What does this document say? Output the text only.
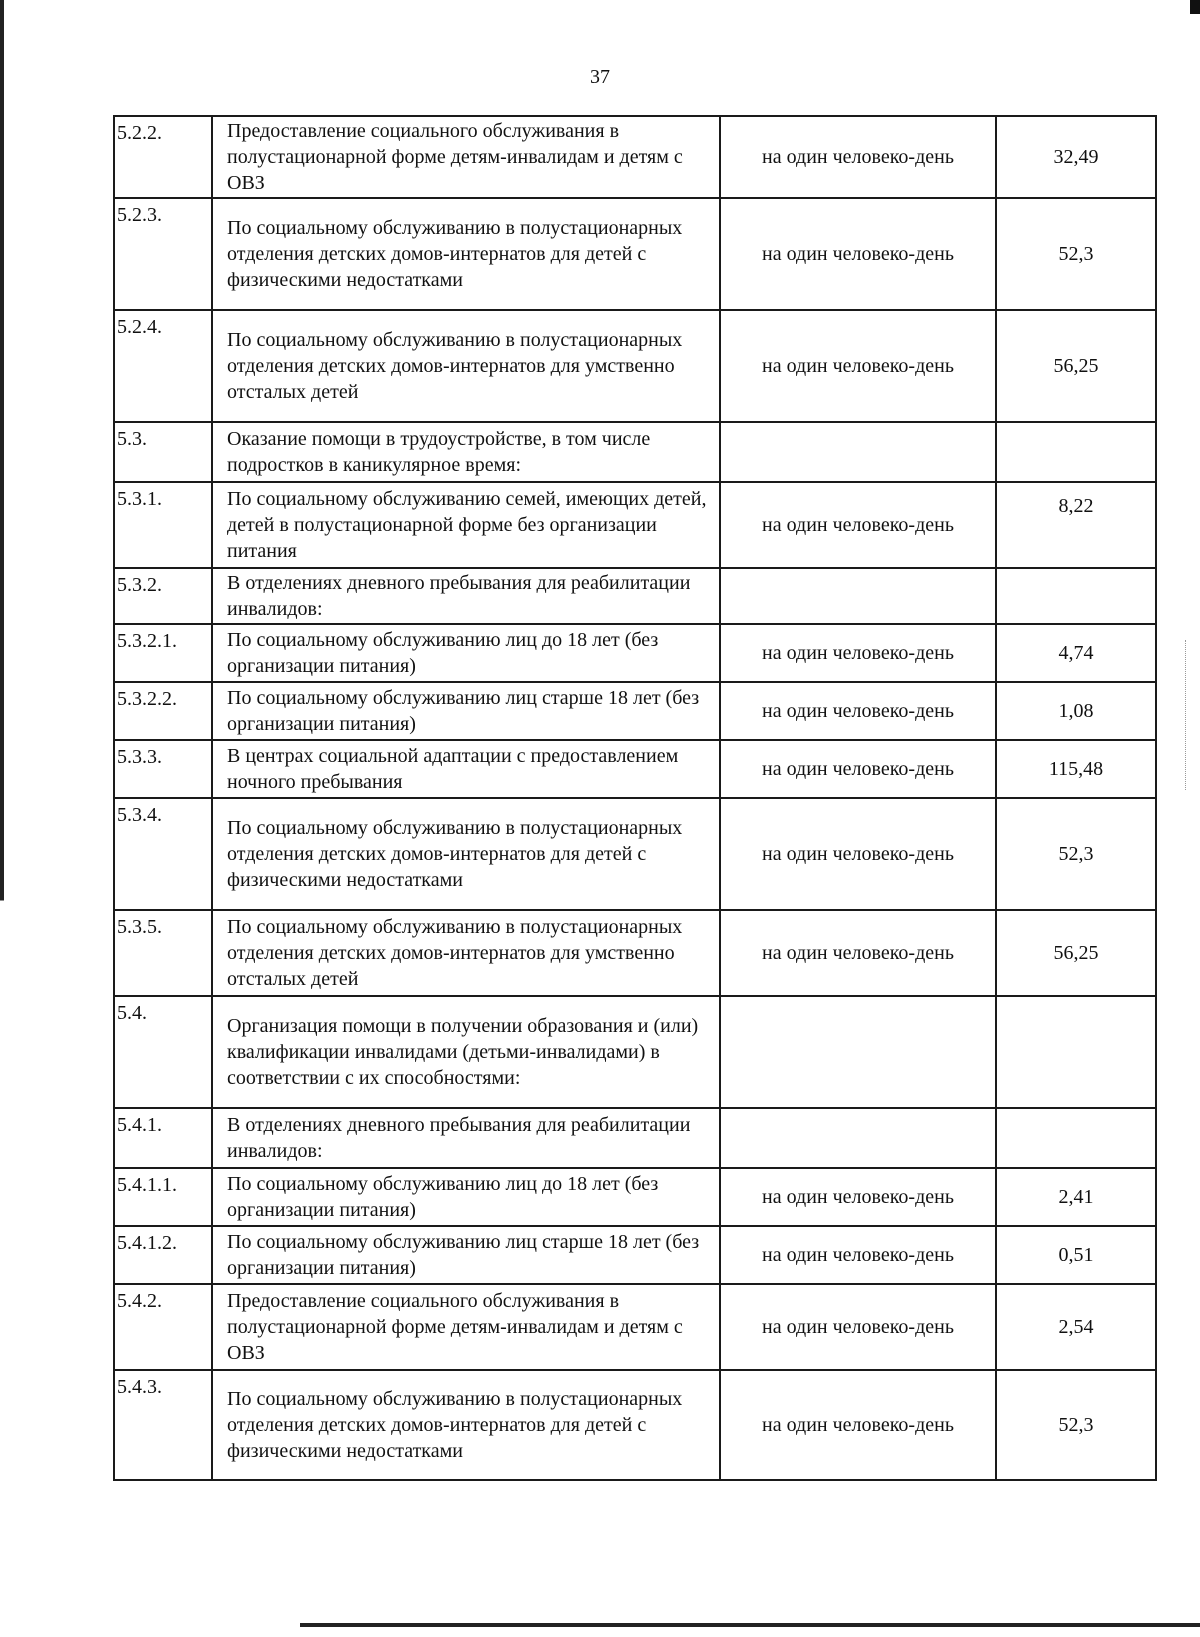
37
5.2.2.	Предоставление социального обслуживания в полустационарной форме детям-инвалидам и детям с ОВЗ	на один человеко-день	32,49
5.2.3.	По социальному обслуживанию в полустационарных отделения детских домов-интернатов для детей с физическими недостатками	на один человеко-день	52,3
5.2.4.	По социальному обслуживанию в полустационарных отделения детских домов-интернатов для умственно отсталых детей	на один человеко-день	56,25
5.3.	Оказание помощи в трудоустройстве, в том числе подростков в каникулярное время:		
5.3.1.	По социальному обслуживанию семей, имеющих детей, детей в полустационарной форме без организации питания	на один человеко-день	8,22
5.3.2.	В отделениях дневного пребывания для реабилитации инвалидов:		
5.3.2.1.	По социальному обслуживанию лиц до 18 лет (без организации питания)	на один человеко-день	4,74
5.3.2.2.	По социальному обслуживанию лиц старше 18 лет (без организации питания)	на один человеко-день	1,08
5.3.3.	В центрах социальной адаптации с предоставлением ночного пребывания	на один человеко-день	115,48
5.3.4.	По социальному обслуживанию в полустационарных отделения детских домов-интернатов для детей с физическими недостатками	на один человеко-день	52,3
5.3.5.	По социальному обслуживанию в полустационарных отделения детских домов-интернатов для умственно отсталых детей	на один человеко-день	56,25
5.4.	Организация помощи в получении образования и (или) квалификации инвалидами (детьми-инвалидами) в соответствии с их способностями:		
5.4.1.	В отделениях дневного пребывания для реабилитации инвалидов:		
5.4.1.1.	По социальному обслуживанию лиц до 18 лет (без организации питания)	на один человеко-день	2,41
5.4.1.2.	По социальному обслуживанию лиц старше 18 лет (без организации питания)	на один человеко-день	0,51
5.4.2.	Предоставление социального обслуживания в полустационарной форме детям-инвалидам и детям с ОВЗ	на один человеко-день	2,54
5.4.3.	По социальному обслуживанию в полустационарных отделения детских домов-интернатов для детей с физическими недостатками	на один человеко-день	52,3
